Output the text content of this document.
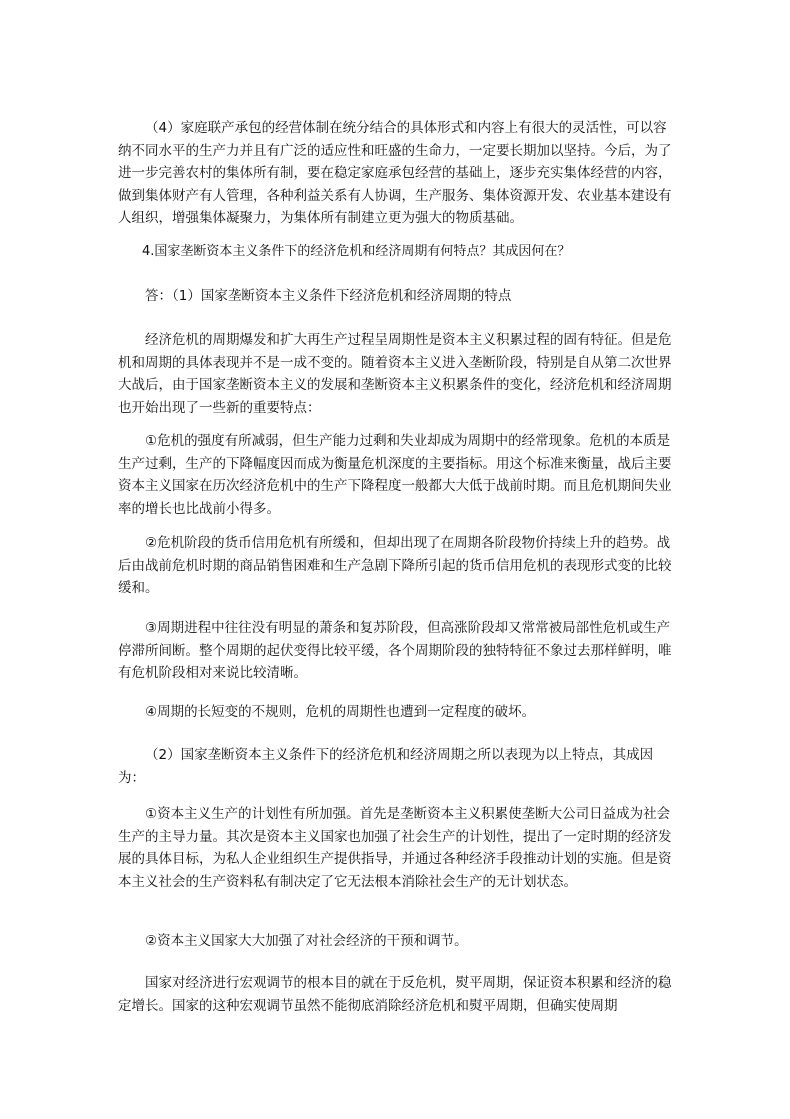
（4）家庭联产承包的经营体制在统分结合的具体形式和内容上有很大的灵活性，可以容纳不同水平的生产力并且有广泛的适应性和旺盛的生命力，一定要长期加以坚持。今后，为了进一步完善农村的集体所有制，要在稳定家庭承包经营的基础上，逐步充实集体经营的内容，做到集体财产有人管理，各种利益关系有人协调，生产服务、集体资源开发、农业基本建设有人组织，增强集体凝聚力，为集体所有制建立更为强大的物质基础。

4.国家垄断资本主义条件下的经济危机和经济周期有何特点？其成因何在？

答：（1）国家垄断资本主义条件下经济危机和经济周期的特点

经济危机的周期爆发和扩大再生产过程呈周期性是资本主义积累过程的固有特征。但是危机和周期的具体表现并不是一成不变的。随着资本主义进入垄断阶段，特别是自从第二次世界大战后，由于国家垄断资本主义的发展和垄断资本主义积累条件的变化，经济危机和经济周期也开始出现了一些新的重要特点：

①危机的强度有所减弱，但生产能力过剩和失业却成为周期中的经常现象。危机的本质是生产过剩，生产的下降幅度因而成为衡量危机深度的主要指标。用这个标准来衡量，战后主要资本主义国家在历次经济危机中的生产下降程度一般都大大低于战前时期。而且危机期间失业率的增长也比战前小得多。

②危机阶段的货币信用危机有所缓和，但却出现了在周期各阶段物价持续上升的趋势。战后由战前危机时期的商品销售困难和生产急剧下降所引起的货币信用危机的表现形式变的比较缓和。

③周期进程中往往没有明显的萧条和复苏阶段，但高涨阶段却又常常被局部性危机或生产停滞所间断。整个周期的起伏变得比较平缓，各个周期阶段的独特特征不象过去那样鲜明，唯有危机阶段相对来说比较清晰。

④周期的长短变的不规则，危机的周期性也遭到一定程度的破坏。

（2）国家垄断资本主义条件下的经济危机和经济周期之所以表现为以上特点，其成因为：

①资本主义生产的计划性有所加强。首先是垄断资本主义积累使垄断大公司日益成为社会生产的主导力量。其次是资本主义国家也加强了社会生产的计划性，提出了一定时期的经济发展的具体目标，为私人企业组织生产提供指导，并通过各种经济手段推动计划的实施。但是资本主义社会的生产资料私有制决定了它无法根本消除社会生产的无计划状态。

②资本主义国家大大加强了对社会经济的干预和调节。

国家对经济进行宏观调节的根本目的就在于反危机，熨平周期，保证资本积累和经济的稳定增长。国家的这种宏观调节虽然不能彻底消除经济危机和熨平周期，但确实使周期
